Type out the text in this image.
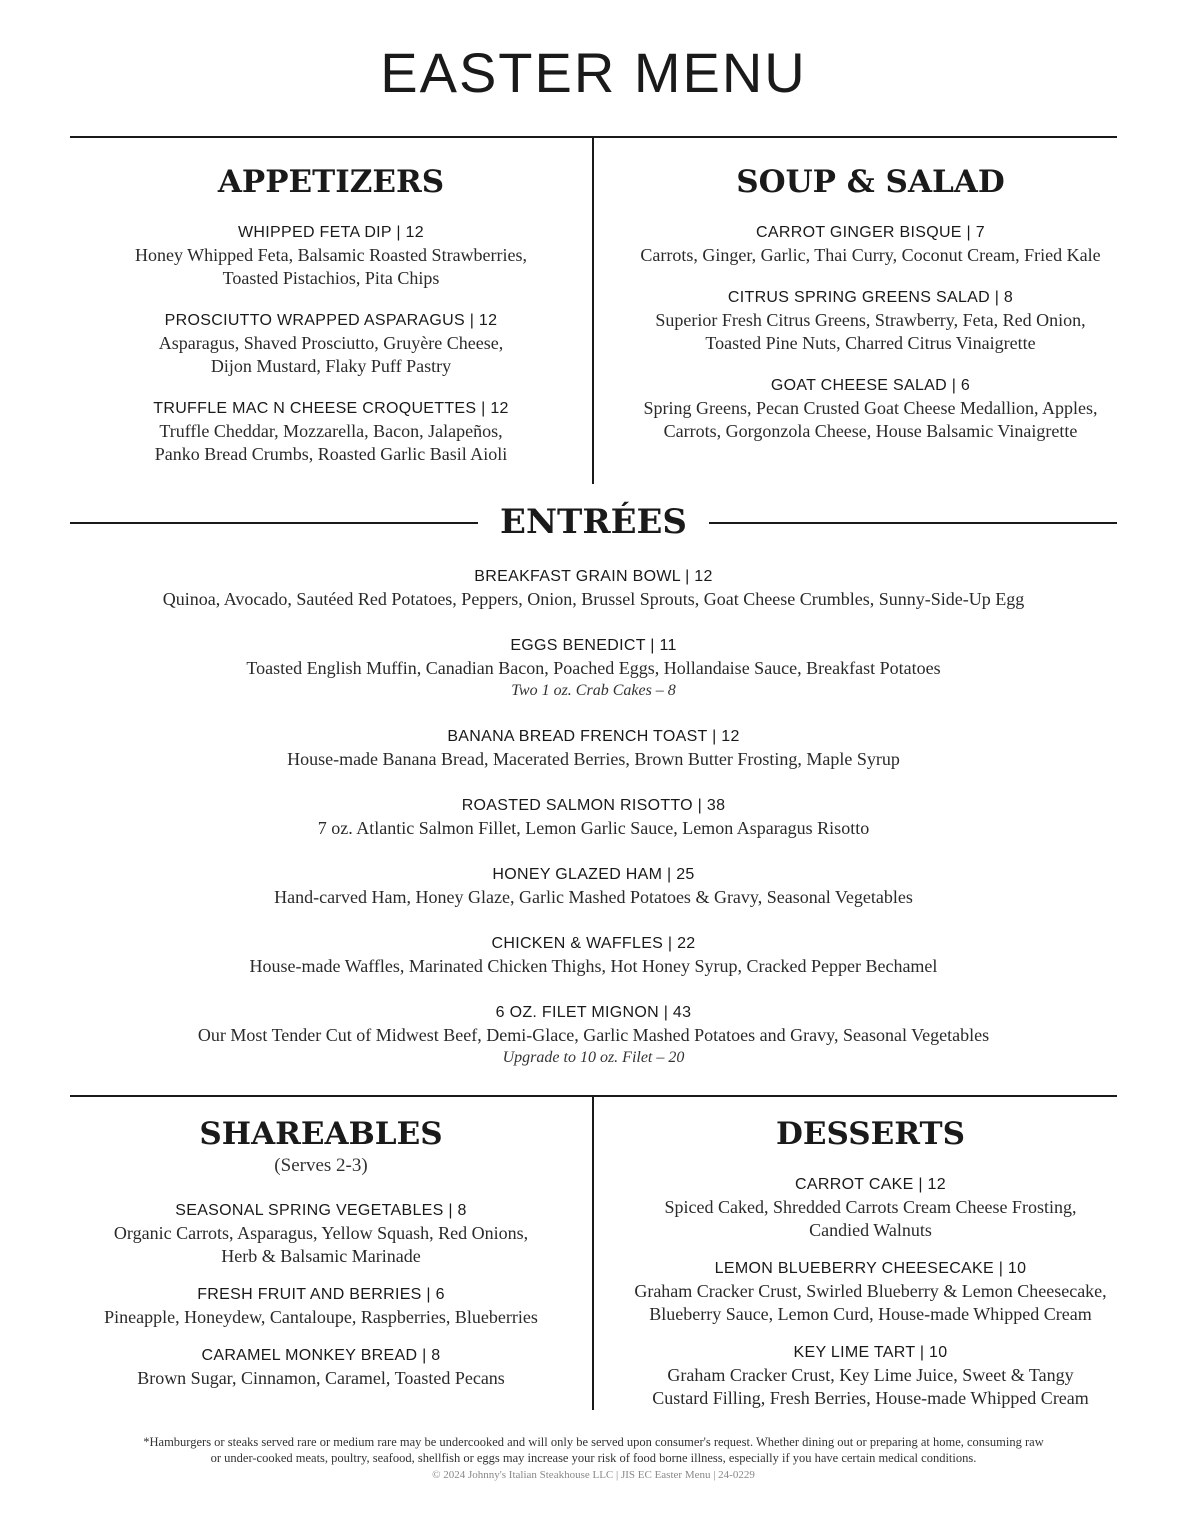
EASTER MENU
APPETIZERS
WHIPPED FETA DIP | 12
Honey Whipped Feta, Balsamic Roasted Strawberries,
Toasted Pistachios, Pita Chips
PROSCIUTTO WRAPPED ASPARAGUS | 12
Asparagus, Shaved Prosciutto, Gruyère Cheese,
Dijon Mustard, Flaky Puff Pastry
TRUFFLE MAC N CHEESE CROQUETTES | 12
Truffle Cheddar, Mozzarella, Bacon, Jalapeños,
Panko Bread Crumbs, Roasted Garlic Basil Aioli
SOUP & SALAD
CARROT GINGER BISQUE | 7
Carrots, Ginger, Garlic, Thai Curry, Coconut Cream, Fried Kale
CITRUS SPRING GREENS SALAD | 8
Superior Fresh Citrus Greens, Strawberry, Feta, Red Onion,
Toasted Pine Nuts, Charred Citrus Vinaigrette
GOAT CHEESE SALAD | 6
Spring Greens, Pecan Crusted Goat Cheese Medallion, Apples,
Carrots, Gorgonzola Cheese, House Balsamic Vinaigrette
ENTRÉES
BREAKFAST GRAIN BOWL | 12
Quinoa, Avocado, Sautéed Red Potatoes, Peppers, Onion, Brussel Sprouts, Goat Cheese Crumbles, Sunny-Side-Up Egg
EGGS BENEDICT | 11
Toasted English Muffin, Canadian Bacon, Poached Eggs, Hollandaise Sauce, Breakfast Potatoes
Two 1 oz. Crab Cakes – 8
BANANA BREAD FRENCH TOAST | 12
House-made Banana Bread, Macerated Berries, Brown Butter Frosting, Maple Syrup
ROASTED SALMON RISOTTO | 38
7 oz. Atlantic Salmon Fillet, Lemon Garlic Sauce, Lemon Asparagus Risotto
HONEY GLAZED HAM | 25
Hand-carved Ham, Honey Glaze, Garlic Mashed Potatoes & Gravy, Seasonal Vegetables
CHICKEN & WAFFLES | 22
House-made Waffles, Marinated Chicken Thighs, Hot Honey Syrup, Cracked Pepper Bechamel
6 OZ. FILET MIGNON | 43
Our Most Tender Cut of Midwest Beef, Demi-Glace, Garlic Mashed Potatoes and Gravy, Seasonal Vegetables
Upgrade to 10 oz. Filet – 20
SHAREABLES
(Serves 2-3)
SEASONAL SPRING VEGETABLES | 8
Organic Carrots, Asparagus, Yellow Squash, Red Onions,
Herb & Balsamic Marinade
FRESH FRUIT AND BERRIES | 6
Pineapple, Honeydew, Cantaloupe, Raspberries, Blueberries
CARAMEL MONKEY BREAD | 8
Brown Sugar, Cinnamon, Caramel, Toasted Pecans
DESSERTS
CARROT CAKE | 12
Spiced Caked, Shredded Carrots Cream Cheese Frosting,
Candied Walnuts
LEMON BLUEBERRY CHEESECAKE | 10
Graham Cracker Crust, Swirled Blueberry & Lemon Cheesecake,
Blueberry Sauce, Lemon Curd, House-made Whipped Cream
KEY LIME TART | 10
Graham Cracker Crust, Key Lime Juice, Sweet & Tangy
Custard Filling, Fresh Berries, House-made Whipped Cream
*Hamburgers or steaks served rare or medium rare may be undercooked and will only be served upon consumer's request. Whether dining out or preparing at home, consuming raw
or under-cooked meats, poultry, seafood, shellfish or eggs may increase your risk of food borne illness, especially if you have certain medical conditions.
© 2024 Johnny's Italian Steakhouse LLC | JIS EC Easter Menu | 24-0229
